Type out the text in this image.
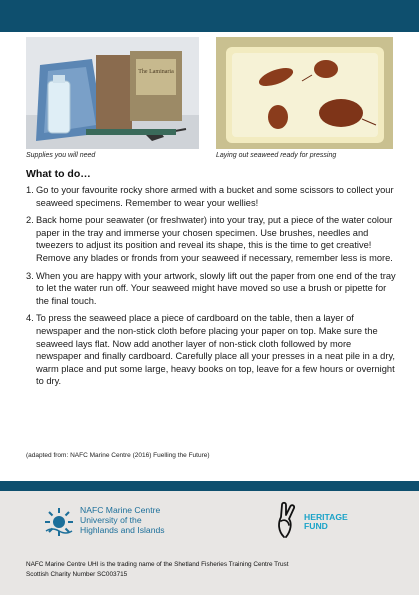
The Laminaria
Supplies you will need	Laying out seaweed ready for pressing
What to do…
1. Go to your favourite rocky shore armed with a bucket and some scissors to collect your seaweed specimens. Remember to wear your wellies!
2. Back home pour seawater (or freshwater) into your tray, put a piece of the water colour paper in the tray and immerse your chosen specimen. Use brushes, needles and tweezers to adjust its position and reveal its shape, this is the time to get creative! Remove any blades or fronds from your seaweed if necessary, remember less is more.
3. When you are happy with your artwork, slowly lift out the paper from one end of the tray to let the water run off. Your seaweed might have moved so use a brush or pipette for the final touch.
4. To press the seaweed place a piece of cardboard on the table, then a layer of newspaper and the non-stick cloth before placing your paper on top. Make sure the seaweed lays flat. Now add another layer of non-stick cloth followed by more newspaper and finally cardboard. Carefully place all your presses in a neat pile in a dry, warm place and put some large, heavy books on top, leave for a few hours or overnight to dry.
(adapted from: NAFC Marine Centre (2016) Fuelling the Future)
NAFC Marine Centre
University of the
Highlands and Islands
HERITAGE
FUND
NAFC Marine Centre UHI is the trading name of the Shetland Fisheries Training Centre Trust
Scottish Charity Number SC003715
